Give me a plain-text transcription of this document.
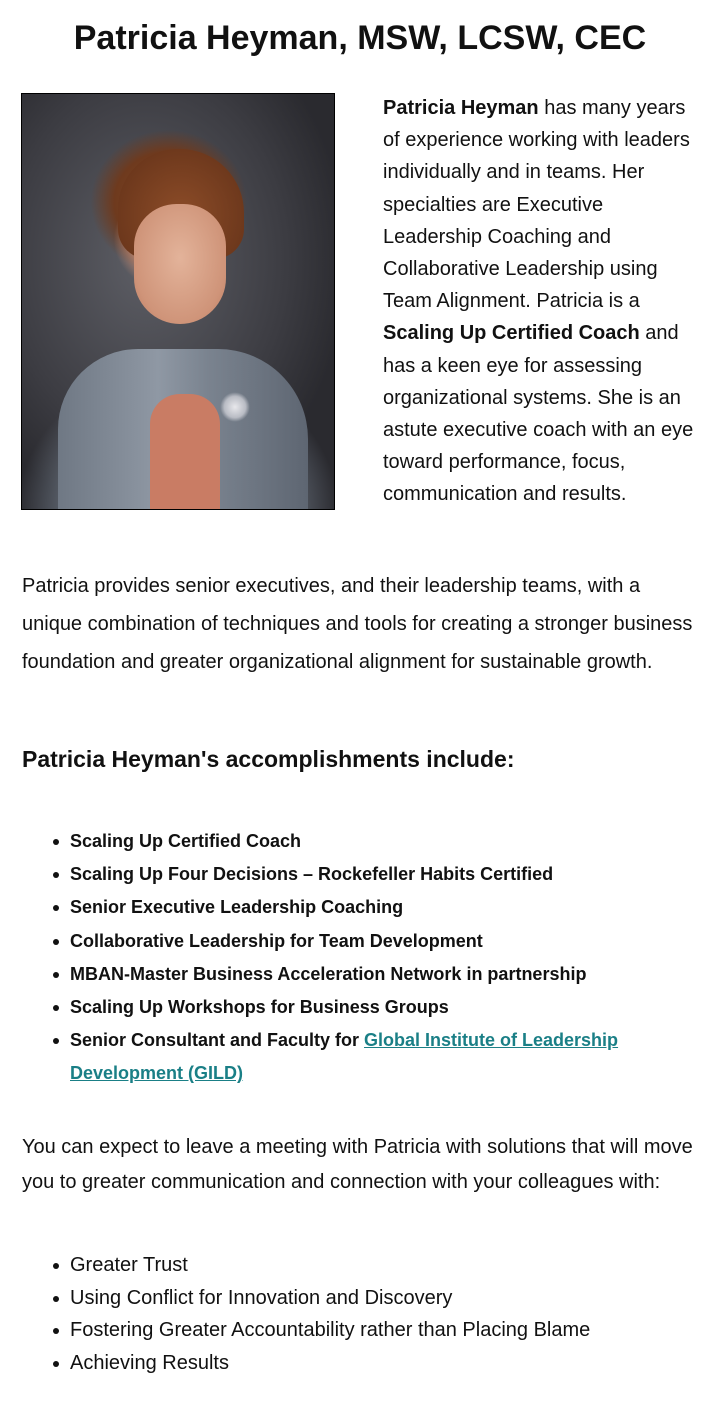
Patricia Heyman, MSW, LCSW, CEC

Patricia Heyman has many years of experience working with leaders individually and in teams. Her specialties are Executive Leadership Coaching and Collaborative Leadership using Team Alignment. Patricia is a Scaling Up Certified Coach and has a keen eye for assessing organizational systems. She is an astute executive coach with an eye toward performance, focus, communication and results.

Patricia provides senior executives, and their leadership teams, with a unique combination of techniques and tools for creating a stronger business foundation and greater organizational alignment for sustainable growth.

Patricia Heyman's accomplishments include:
Scaling Up Certified Coach
Scaling Up Four Decisions – Rockefeller Habits Certified
Senior Executive Leadership Coaching
Collaborative Leadership for Team Development
MBAN-Master Business Acceleration Network in partnership
Scaling Up Workshops for Business Groups
Senior Consultant and Faculty for Global Institute of Leadership Development (GILD)

You can expect to leave a meeting with Patricia with solutions that will move you to greater communication and connection with your colleagues with:

Greater Trust
Using Conflict for Innovation and Discovery
Fostering Greater Accountability rather than Placing Blame
Achieving Results
